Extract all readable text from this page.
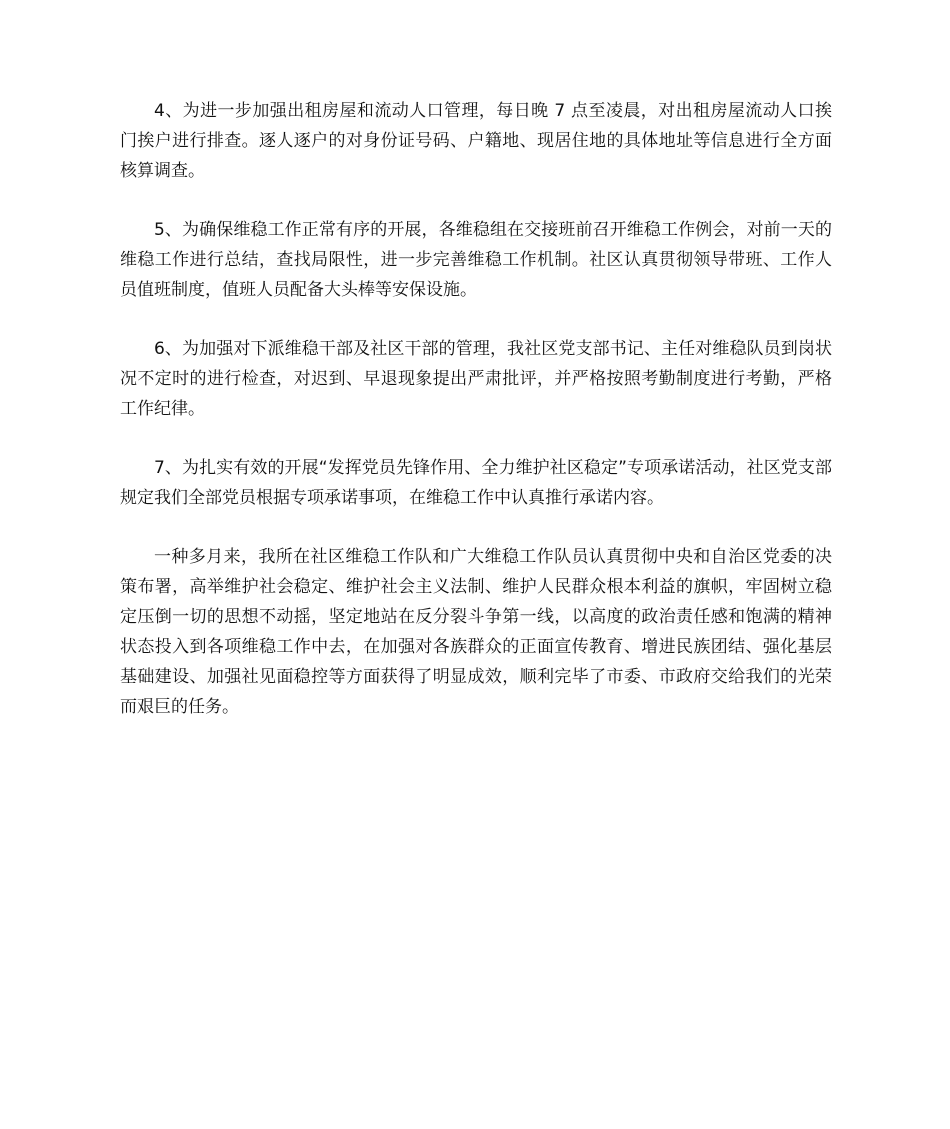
4、为进一步加强出租房屋和流动人口管理，每日晚 7 点至凌晨，对出租房屋流动人口挨门挨户进行排查。逐人逐户的对身份证号码、户籍地、现居住地的具体地址等信息进行全方面核算调查。

5、为确保维稳工作正常有序的开展，各维稳组在交接班前召开维稳工作例会，对前一天的维稳工作进行总结，查找局限性，进一步完善维稳工作机制。社区认真贯彻领导带班、工作人员值班制度，值班人员配备大头棒等安保设施。

6、为加强对下派维稳干部及社区干部的管理，我社区党支部书记、主任对维稳队员到岗状况不定时的进行检查，对迟到、早退现象提出严肃批评，并严格按照考勤制度进行考勤，严格工作纪律。

7、为扎实有效的开展“发挥党员先锋作用、全力维护社区稳定”专项承诺活动，社区党支部规定我们全部党员根据专项承诺事项，在维稳工作中认真推行承诺内容。

一种多月来，我所在社区维稳工作队和广大维稳工作队员认真贯彻中央和自治区党委的决策布署，高举维护社会稳定、维护社会主义法制、维护人民群众根本利益的旗帜，牢固树立稳定压倒一切的思想不动摇，坚定地站在反分裂斗争第一线，以高度的政治责任感和饱满的精神状态投入到各项维稳工作中去，在加强对各族群众的正面宣传教育、增进民族团结、强化基层基础建设、加强社见面稳控等方面获得了明显成效，顺利完毕了市委、市政府交给我们的光荣而艰巨的任务。
